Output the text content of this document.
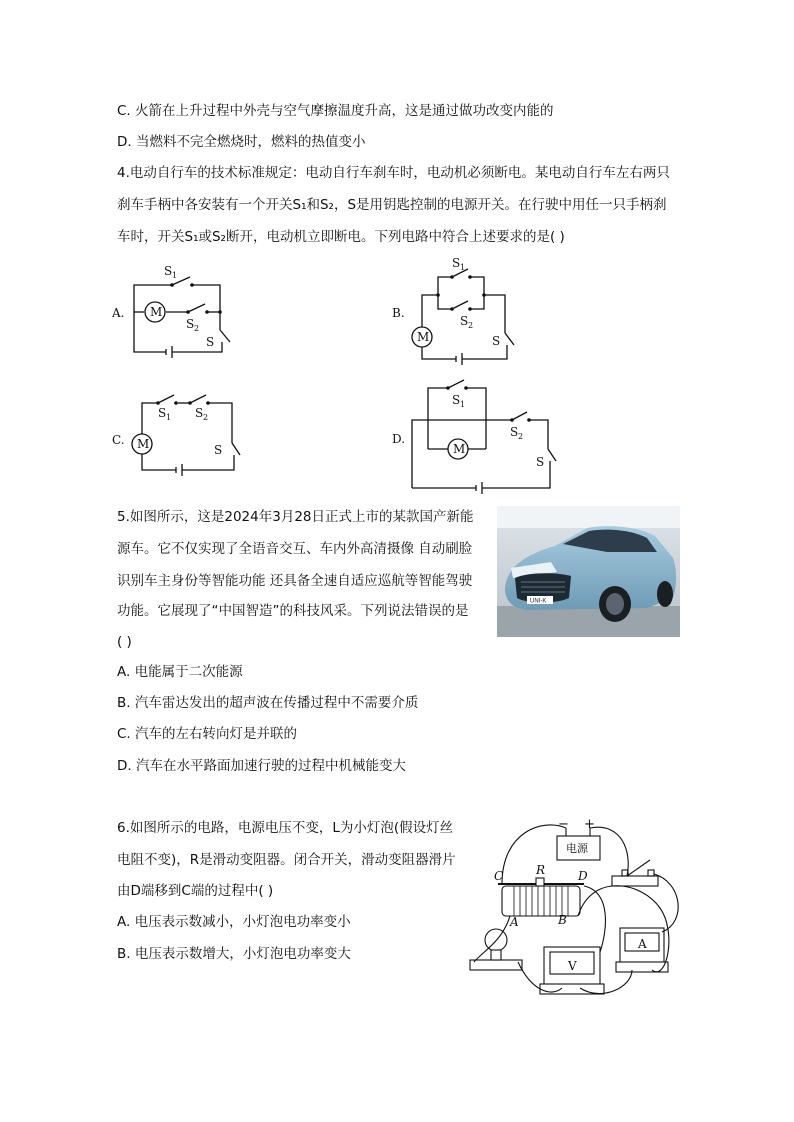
C. 火箭在上升过程中外壳与空气摩擦温度升高，这是通过做功改变内能的
D. 当燃料不完全燃烧时，燃料的热值变小
4.电动自行车的技术标准规定：电动自行车刹车时，电动机必须断电。某电动自行车左右两只
刹车手柄中各安装有一个开关S₁和S₂，S是用钥匙控制的电源开关。在行驶中用任一只手柄刹
车时，开关S₁或S₂断开，电动机立即断电。下列电路中符合上述要求的是( )
A. M
S 1
S 2
S
B.
M
S 1
S 2
S
C. M
S 1 S 2
S
D.
M
S 1
S 2
S
5.如图所示，这是2024年3月28日正式上市的某款国产新能
源车。它不仅实现了全语音交互、车内外高清摄像 自动刷脸
识别车主身份等智能功能 还具备全速自适应巡航等智能驾驶
功能。它展现了“中国智造”的科技风采。下列说法错误的是
( )
UNI-K
A. 电能属于二次能源
B. 汽车雷达发出的超声波在传播过程中不需要介质
C. 汽车的左右转向灯是并联的
D. 汽车在水平路面加速行驶的过程中机械能变大
6.如图所示的电路，电源电压不变，L为小灯泡(假设灯丝
电阻不变)，R是滑动变阻器。闭合开关，滑动变阻器滑片
由D端移到C端的过程中( )
A. 电压表示数减小，小灯泡电功率变小
B. 电压表示数增大，小灯泡电功率变大
电源
− +
C	R	D
A	B
V
A
